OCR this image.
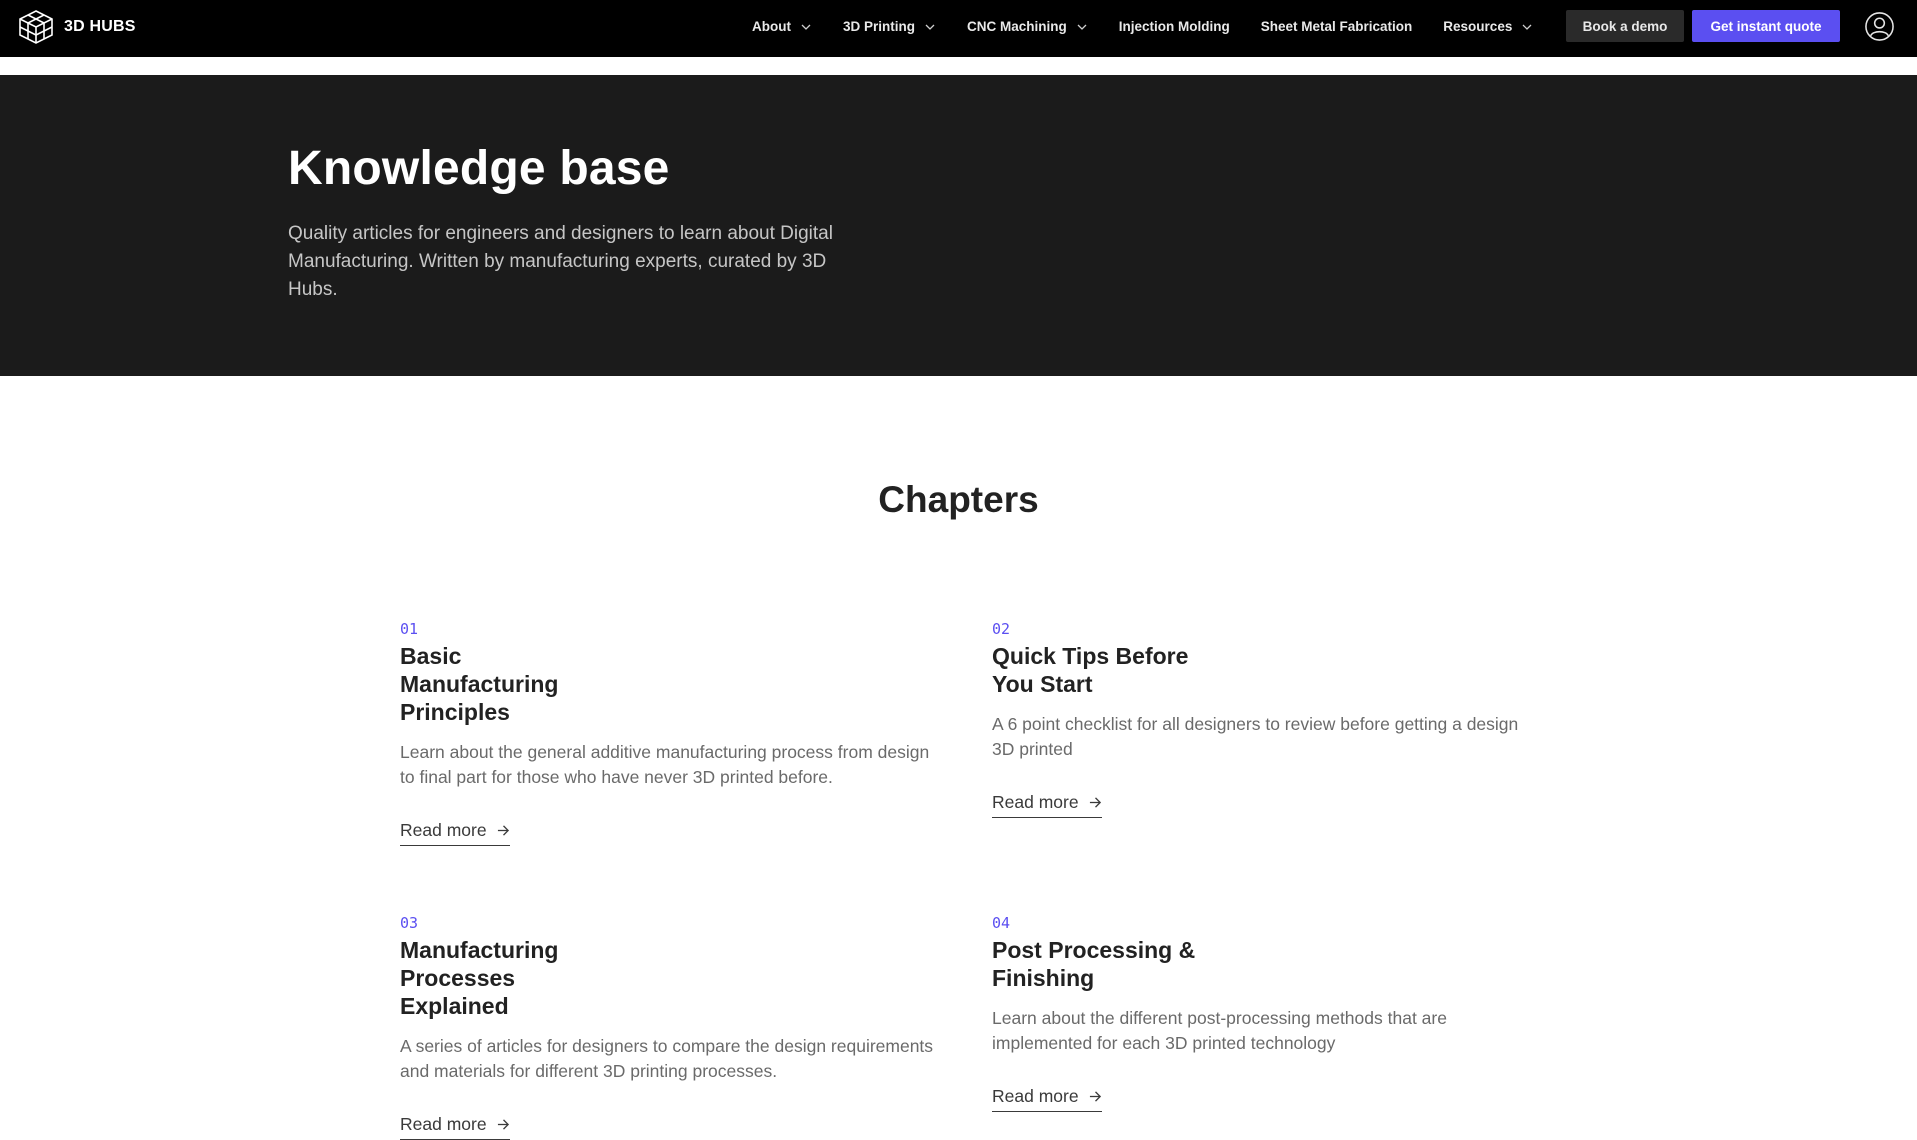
3D HUBS	About	3D Printing	CNC Machining	Injection Molding Sheet Metal Fabrication Resources	Book a demo	Get instant quote
Knowledge base

Quality articles for engineers and designers to learn about Digital Manufacturing. Written by manufacturing experts, curated by 3D Hubs.

Chapters
01
Basic
Manufacturing
Principles

Learn about the general additive manufacturing process from design to final part for those who have never 3D printed before.

Read more
02
Quick Tips Before
You Start

A 6 point checklist for all designers to review before getting a design 3D printed

Read more
03
Manufacturing
Processes
Explained

A series of articles for designers to compare the design requirements and materials for different 3D printing processes.

Read more
04
Post Processing &
Finishing

Learn about the different post-processing methods that are implemented for each 3D printed technology

Read more
